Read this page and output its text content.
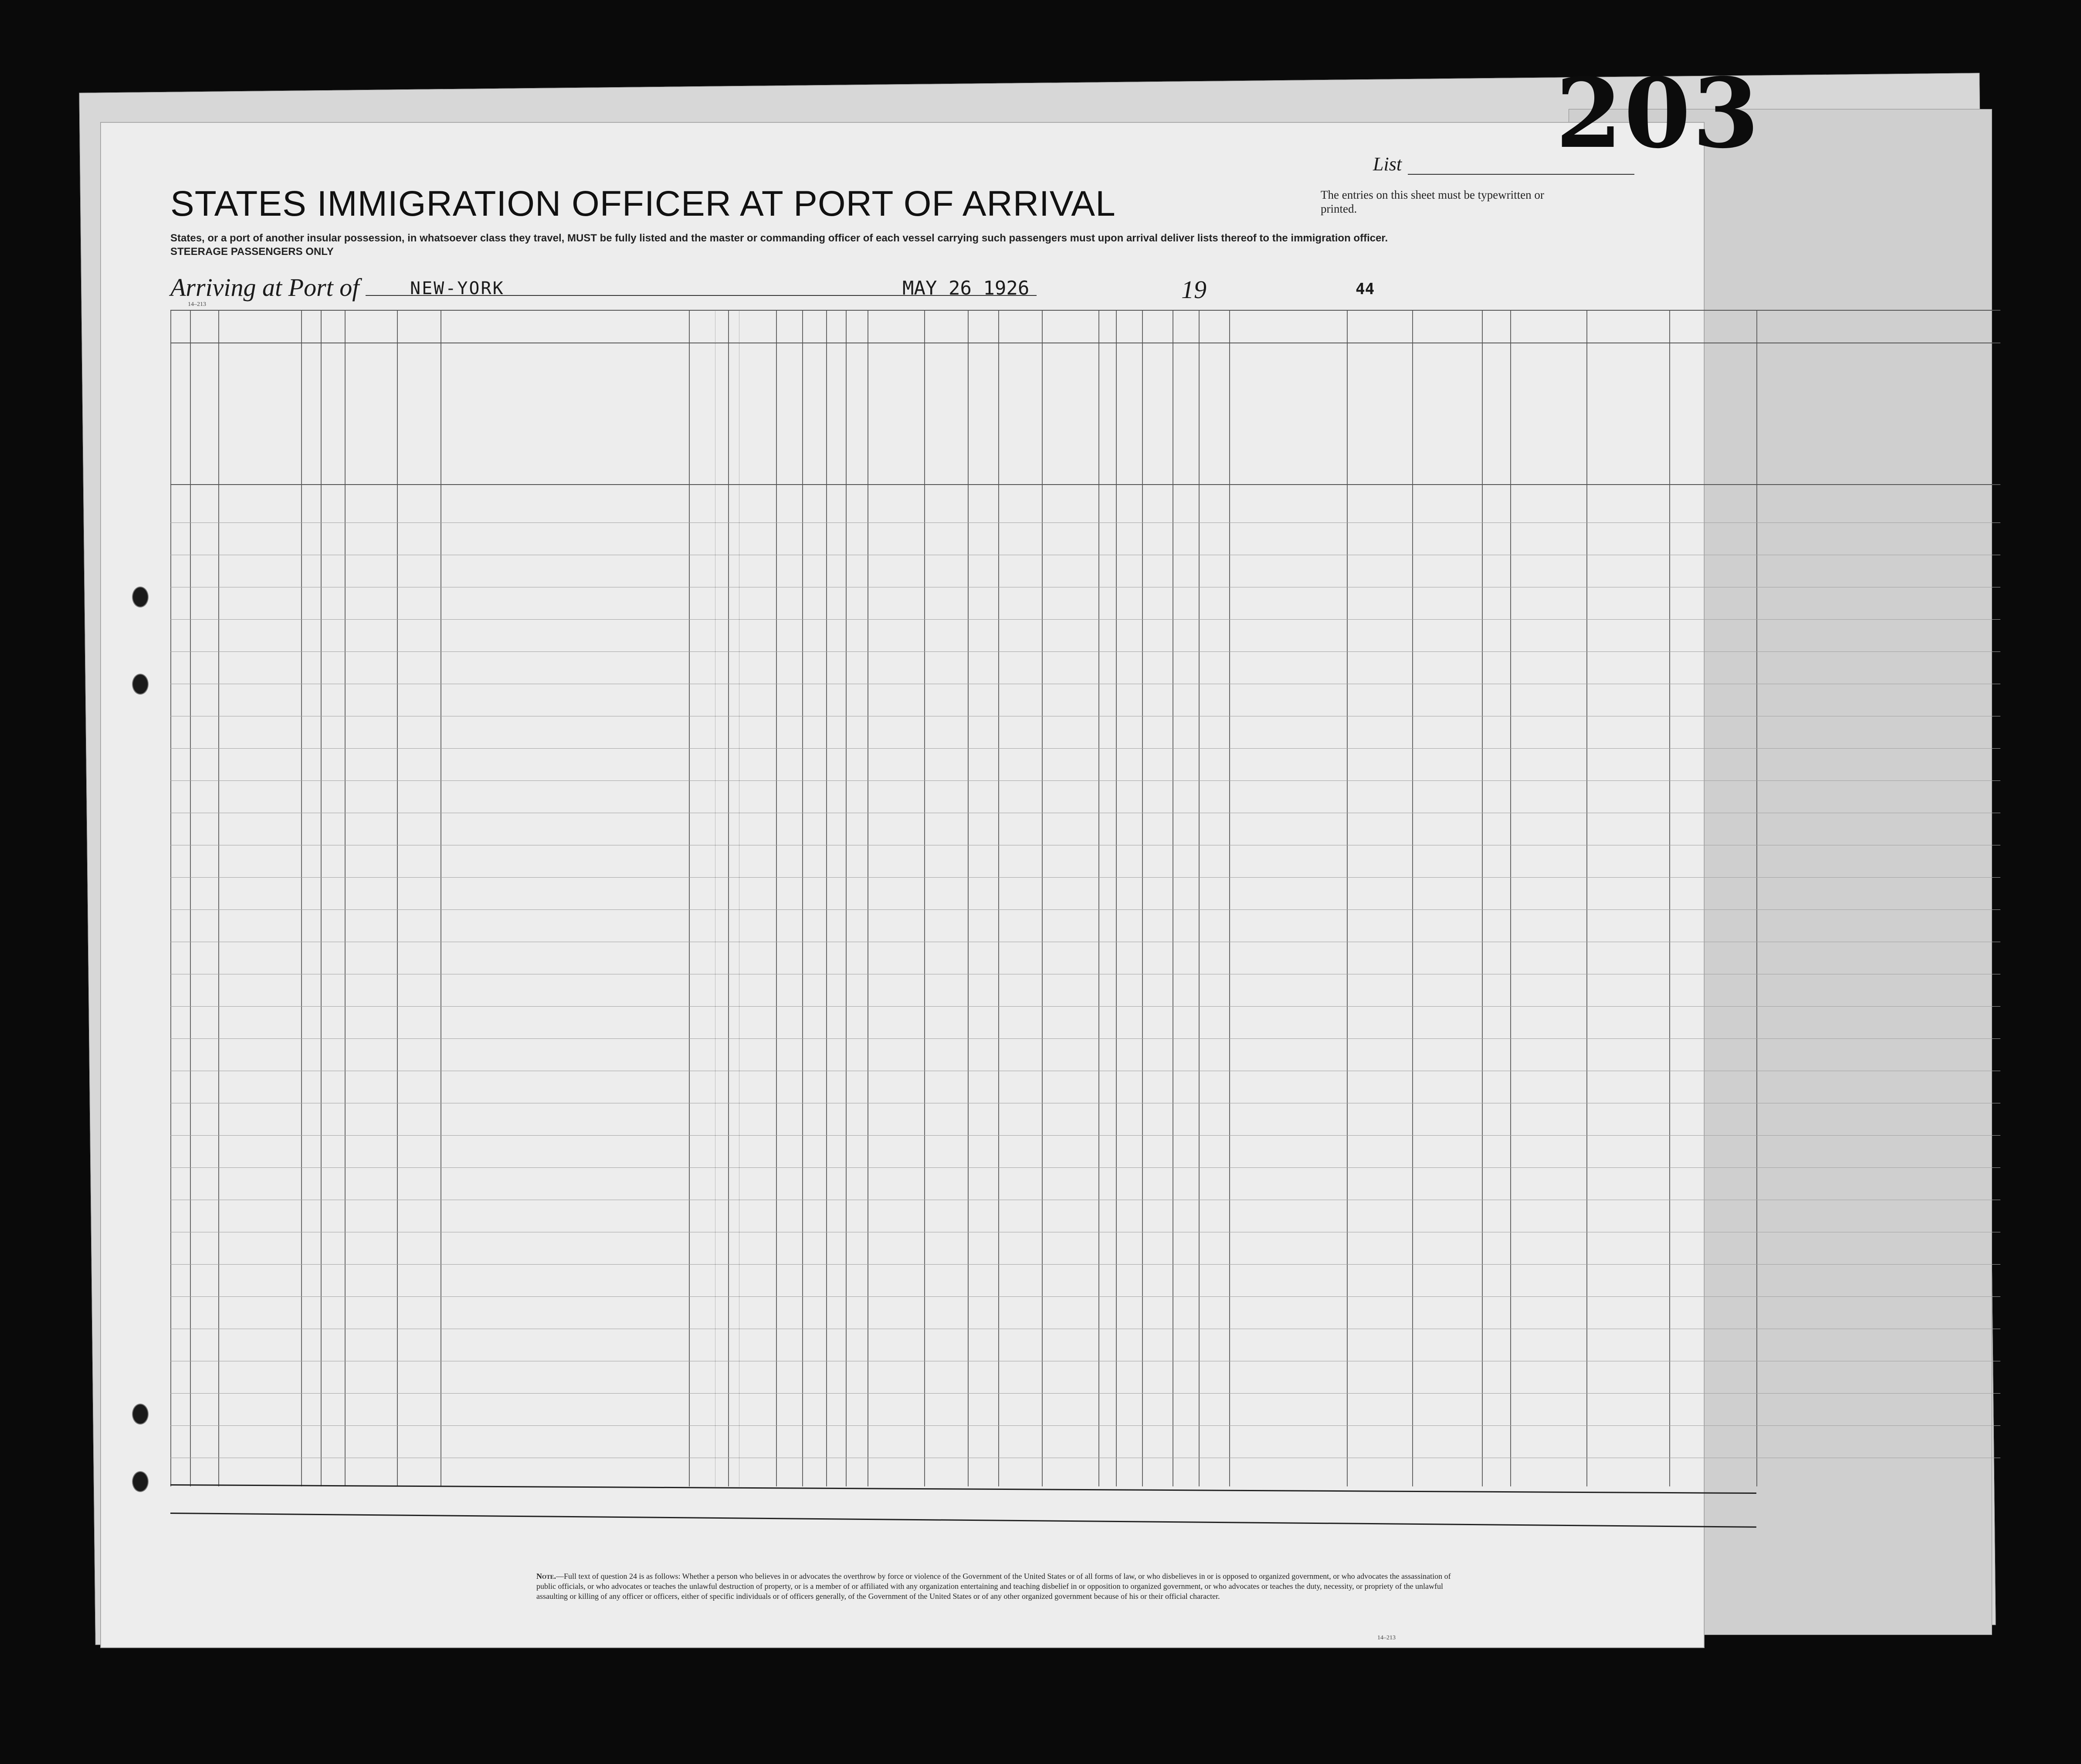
STATES IMMIGRATION OFFICER AT PORT OF ARRIVAL
States, or a port of another insular possession, in whatsoever class they travel, MUST be fully listed and the master or commanding officer of each vessel carrying such passengers must upon arrival deliver lists thereof to the immigration officer.
STEERAGE PASSENGERS ONLY
List
The entries on this sheet must be typewritten or printed.
Arriving at Port of	NEW-YORK	MAY 26 1926	19	44
14–213
Note.—Full text of question 24 is as follows: Whether a person who believes in or advocates the overthrow by force or violence of the Government of the United States or of all forms of law, or who disbelieves in or is opposed to organized government, or who advocates the assassination of public officials, or who advocates or teaches the unlawful destruction of property, or is a member of or affiliated with any organization entertaining and teaching disbelief in or opposition to organized government, or who advocates or teaches the duty, necessity, or propriety of the unlawful assaulting or killing of any officer or officers, either of specific individuals or of officers generally, of the Government of the United States or of any other organized government because of his or their official character.
14–213
203
